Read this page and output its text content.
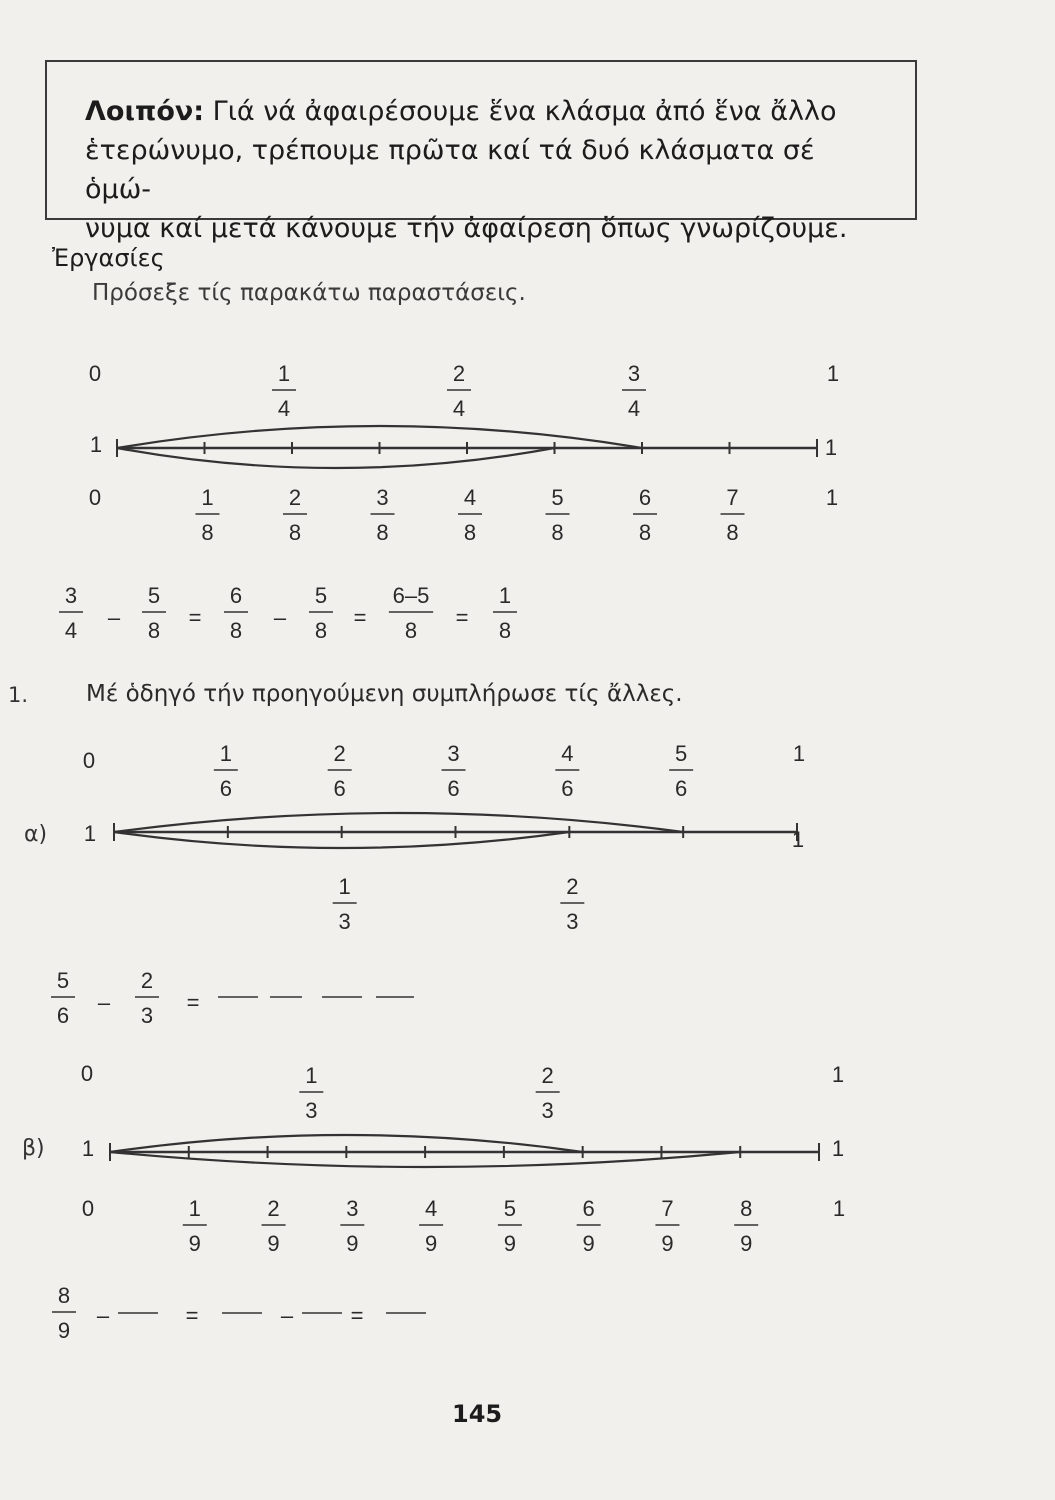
Λοιπόν: Γιά νά ἀφαιρέσουμε ἕνα κλάσμα ἀπό ἕνα ἄλλο
ἑτερώνυμο, τρέπουμε πρῶτα καί τά δυό κλάσματα σέ ὁμώ-
νυμα καί μετά κάνουμε τήν ἀφαίρεση ὅπως γνωρίζουμε.
Ἐργασίες
Πρόσεξε τίς παρακάτω παραστάσεις.
1.	Μέ ὁδηγό τήν προηγούμενη συμπλήρωσε τίς ἄλλες.
α)
β)
145
0	1
1	1
1
4
2
4
3
4
0	1
1
8
2
8
3
8
4
8
5
8
6
8
7
8
3
4
5
8
6
8
5
8
6–5
8
1
8
–	=	–	=	=
0	1
1	1
1
6
2
6
3
6
4
6
5
6
1
3
2
3
5
6
–
2
3
=
0	1
1	1
1
3
2
3
0	1
1
9
2
9
3
9
4
9
5
9
6
9
7
9
8
9
8
9
–	=	–	=
